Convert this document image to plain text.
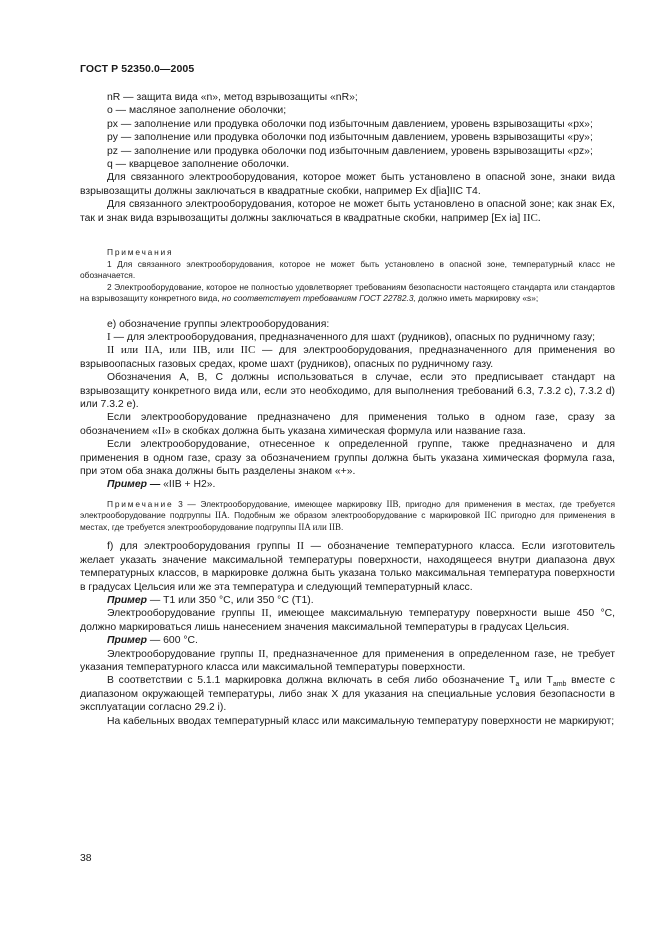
ГОСТ Р 52350.0—2005

nR — защита вида «n», метод взрывозащиты «nR»;

о — масляное заполнение оболочки;

px — заполнение или продувка оболочки под избыточным давлением, уровень взрывозащиты «px»;

py — заполнение или продувка оболочки под избыточным давлением, уровень взрывозащиты «py»;

pz — заполнение или продувка оболочки под избыточным давлением, уровень взрывозащиты «pz»;

q — кварцевое заполнение оболочки.

Для связанного электрооборудования, которое может быть установлено в опасной зоне, знаки вида взрывозащиты должны заключаться в квадратные скобки, например Ex d[ia]IIC T4.

Для связанного электрооборудования, которое не может быть установлено в опасной зоне; как знак Ex, так и знак вида взрывозащиты должны заключаться в квадратные скобки, например [Ex ia] IIC.

Примечания

1 Для связанного электрооборудования, которое не может быть установлено в опасной зоне, температурный класс не обозначается.

2 Электрооборудование, которое не полностью удовлетворяет требованиям безопасности настоящего стандарта или стандартов на взрывозащиту конкретного вида, но соответствует требованиям ГОСТ 22782.3, должно иметь маркировку «s»;

е) обозначение группы электрооборудования:

I — для электрооборудования, предназначенного для шахт (рудников), опасных по рудничному газу;

II или IIA, или IIB, или IIC — для электрооборудования, предназначенного для применения во взрывоопасных газовых средах, кроме шахт (рудников), опасных по рудничному газу.

Обозначения А, В, С должны использоваться в случае, если это предписывает стандарт на взрывозащиту конкретного вида или, если это необходимо, для выполнения требований 6.3, 7.3.2 с), 7.3.2 d) или 7.3.2 е).

Если электрооборудование предназначено для применения только в одном газе, сразу за обозначением «II» в скобках должна быть указана химическая формула или название газа.

Если электрооборудование, отнесенное к определенной группе, также предназначено и для применения в одном газе, сразу за обозначением группы должна быть указана химическая формула газа, при этом оба знака должны быть разделены знаком «+».

Пример — «IIB + H2».

Примечание 3 — Электрооборудование, имеющее маркировку IIB, пригодно для применения в местах, где требуется электрооборудование подгруппы IIA. Подобным же образом электрооборудование с маркировкой IIC пригодно для применения в местах, где требуется электрооборудование подгруппы IIA или IIB.

f) для электрооборудования группы II — обозначение температурного класса. Если изготовитель желает указать значение максимальной температуры поверхности, находящееся внутри диапазона двух температурных классов, в маркировке должна быть указана только максимальная температура поверхности в градусах Цельсия или же эта температура и следующий температурный класс.

Пример — Т1 или 350 °С, или 350 °С (Т1).

Электрооборудование группы II, имеющее максимальную температуру поверхности выше 450 °С, должно маркироваться лишь нанесением значения максимальной температуры в градусах Цельсия.

Пример — 600 °С.

Электрооборудование группы II, предназначенное для применения в определенном газе, не требует указания температурного класса или максимальной температуры поверхности.

В соответствии с 5.1.1 маркировка должна включать в себя либо обозначение $Т_a$ или $Т_{amb}$ вместе с диапазоном окружающей температуры, либо знак Х для указания на специальные условия безопасности в эксплуатации согласно 29.2 i).

На кабельных вводах температурный класс или максимальную температуру поверхности не маркируют;

38
